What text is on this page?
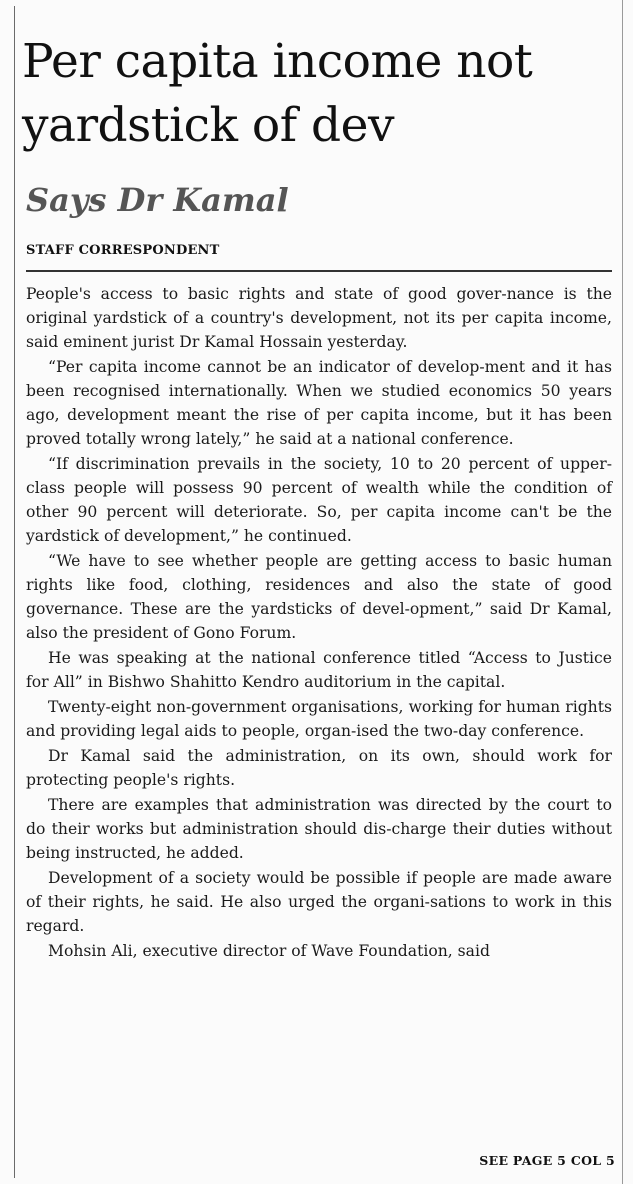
Per capita income not
yardstick of dev
Says Dr Kamal
STAFF CORRESPONDENT

People's access to basic rights and state of good gover-nance is the original yardstick of a country's development, not its per capita income, said eminent jurist Dr Kamal Hossain yesterday.

“Per capita income cannot be an indicator of develop-ment and it has been recognised internationally. When we studied economics 50 years ago, development meant the rise of per capita income, but it has been proved totally wrong lately,” he said at a national conference.

“If discrimination prevails in the society, 10 to 20 percent of upper-class people will possess 90 percent of wealth while the condition of other 90 percent will deteriorate. So, per capita income can't be the yardstick of development,” he continued.

“We have to see whether people are getting access to basic human rights like food, clothing, residences and also the state of good governance. These are the yardsticks of devel-opment,” said Dr Kamal, also the president of Gono Forum.

He was speaking at the national conference titled “Access to Justice for All” in Bishwo Shahitto Kendro auditorium in the capital.

Twenty-eight non-government organisations, working for human rights and providing legal aids to people, organ-ised the two-day conference.

Dr Kamal said the administration, on its own, should work for protecting people's rights.

There are examples that administration was directed by the court to do their works but administration should dis-charge their duties without being instructed, he added.

Development of a society would be possible if people are made aware of their rights, he said. He also urged the organi-sations to work in this regard.

Mohsin Ali, executive director of Wave Foundation, said

SEE PAGE 5 COL 5
